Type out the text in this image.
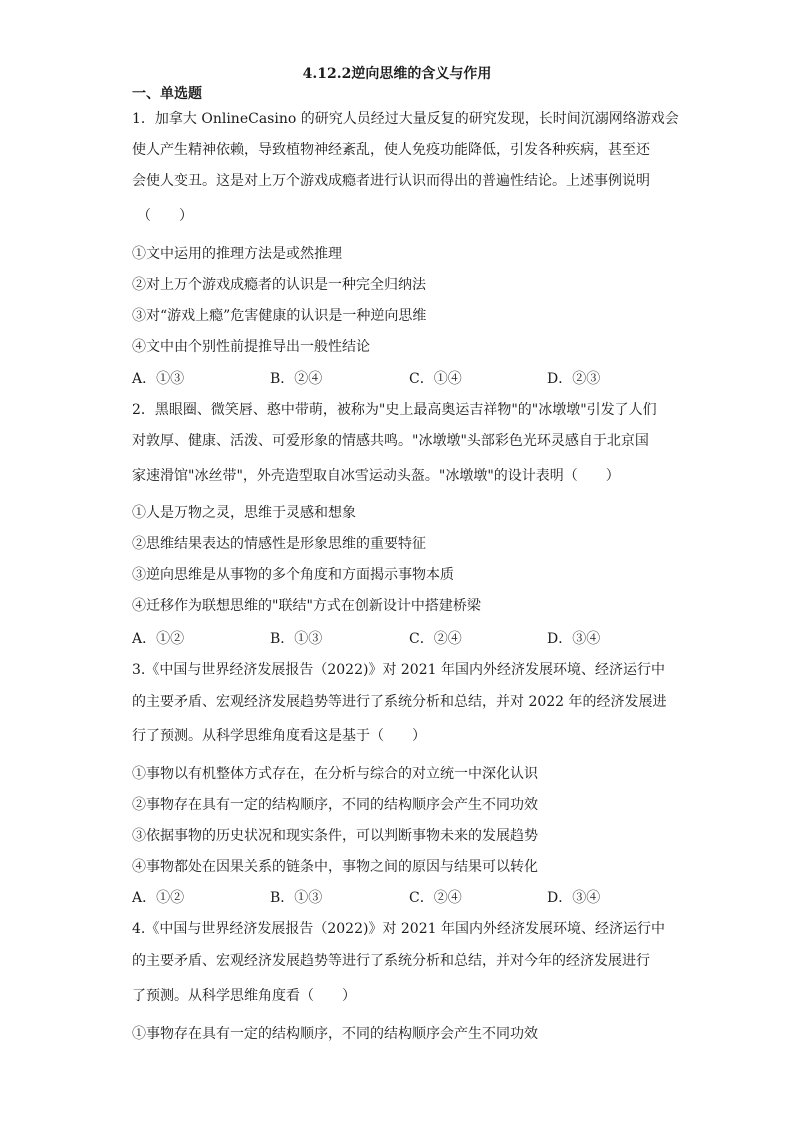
4.12.2逆向思维的含义与作用
一、单选题
1．加拿大 OnlineCasino 的研究人员经过大量反复的研究发现，长时间沉溺网络游戏会
使人产生精神依赖，导致植物神经紊乱，使人免疫功能降低，引发各种疾病，甚至还
会使人变丑。这是对上万个游戏成瘾者进行认识而得出的普遍性结论。上述事例说明
（　　）
①文中运用的推理方法是或然推理
②对上万个游戏成瘾者的认识是一种完全归纳法
③对“游戏上瘾”危害健康的认识是一种逆向思维
④文中由个别性前提推导出一般性结论
A．①③	B．②④	C．①④	D．②③
2．黑眼圈、微笑唇、憨中带萌，被称为"史上最高奥运吉祥物"的"冰墩墩"引发了人们
对敦厚、健康、活泼、可爱形象的情感共鸣。"冰墩墩"头部彩色光环灵感自于北京国
家速滑馆"冰丝带"，外壳造型取自冰雪运动头盔。"冰墩墩"的设计表明（　　）
①人是万物之灵，思维于灵感和想象
②思维结果表达的情感性是形象思维的重要特征
③逆向思维是从事物的多个角度和方面揭示事物本质
④迁移作为联想思维的"联结"方式在创新设计中搭建桥梁
A．①②	B．①③	C．②④	D．③④
3.《中国与世界经济发展报告（2022)》对 2021 年国内外经济发展环境、经济运行中
的主要矛盾、宏观经济发展趋势等进行了系统分析和总结，并对 2022 年的经济发展进
行了预测。从科学思维角度看这是基于（　　）
①事物以有机整体方式存在，在分析与综合的对立统一中深化认识
②事物存在具有一定的结构顺序，不同的结构顺序会产生不同功效
③依据事物的历史状况和现实条件，可以判断事物未来的发展趋势
④事物都处在因果关系的链条中，事物之间的原因与结果可以转化
A．①②	B．①③	C．②④	D．③④
4.《中国与世界经济发展报告（2022)》对 2021 年国内外经济发展环境、经济运行中
的主要矛盾、宏观经济发展趋势等进行了系统分析和总结，并对今年的经济发展进行
了预测。从科学思维角度看（　　）
①事物存在具有一定的结构顺序，不同的结构顺序会产生不同功效
